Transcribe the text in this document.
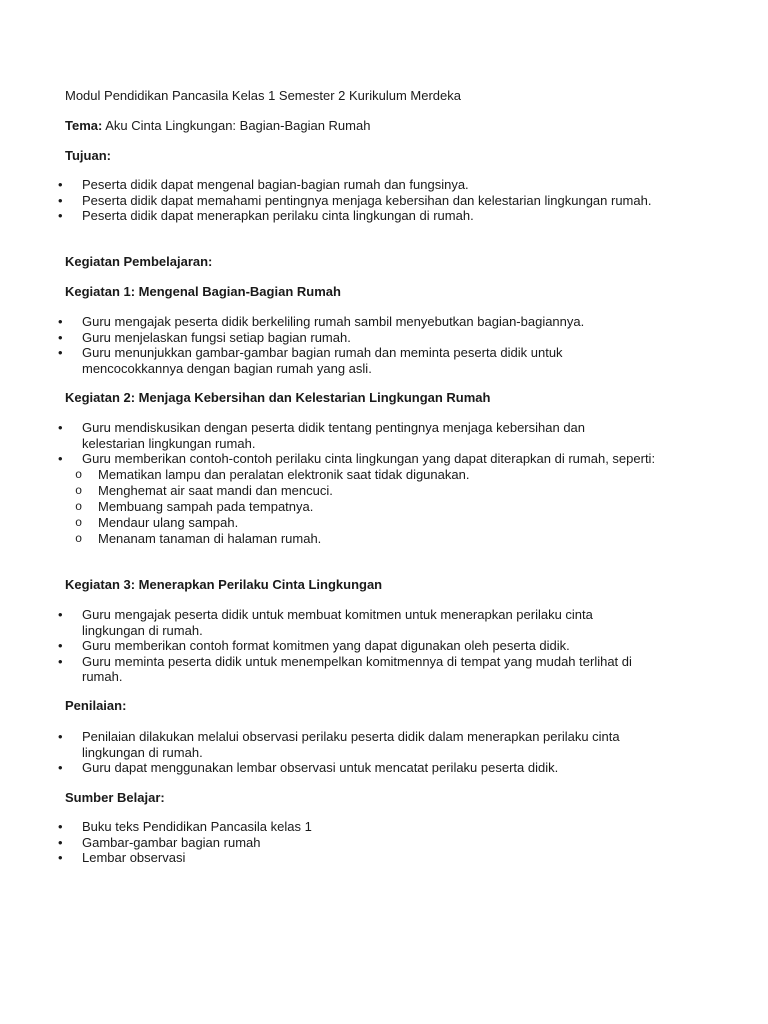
Modul Pendidikan Pancasila Kelas 1 Semester 2 Kurikulum Merdeka

Tema: Aku Cinta Lingkungan: Bagian-Bagian Rumah

Tujuan:

• Peserta didik dapat mengenal bagian-bagian rumah dan fungsinya.
• Peserta didik dapat memahami pentingnya menjaga kebersihan dan kelestarian lingkungan rumah.
• Peserta didik dapat menerapkan perilaku cinta lingkungan di rumah.

Kegiatan Pembelajaran:

Kegiatan 1: Mengenal Bagian-Bagian Rumah

• Guru mengajak peserta didik berkeliling rumah sambil menyebutkan bagian-bagiannya.
• Guru menjelaskan fungsi setiap bagian rumah.
• Guru menunjukkan gambar-gambar bagian rumah dan meminta peserta didik untuk mencocokkannya dengan bagian rumah yang asli.

Kegiatan 2: Menjaga Kebersihan dan Kelestarian Lingkungan Rumah

• Guru mendiskusikan dengan peserta didik tentang pentingnya menjaga kebersihan dan kelestarian lingkungan rumah.
• Guru memberikan contoh-contoh perilaku cinta lingkungan yang dapat diterapkan di rumah, seperti:
o Mematikan lampu dan peralatan elektronik saat tidak digunakan.
o Menghemat air saat mandi dan mencuci.
o Membuang sampah pada tempatnya.
o Mendaur ulang sampah.
o Menanam tanaman di halaman rumah.

Kegiatan 3: Menerapkan Perilaku Cinta Lingkungan

• Guru mengajak peserta didik untuk membuat komitmen untuk menerapkan perilaku cinta lingkungan di rumah.
• Guru memberikan contoh format komitmen yang dapat digunakan oleh peserta didik.
• Guru meminta peserta didik untuk menempelkan komitmennya di tempat yang mudah terlihat di rumah.

Penilaian:

• Penilaian dilakukan melalui observasi perilaku peserta didik dalam menerapkan perilaku cinta lingkungan di rumah.
• Guru dapat menggunakan lembar observasi untuk mencatat perilaku peserta didik.

Sumber Belajar:

• Buku teks Pendidikan Pancasila kelas 1
• Gambar-gambar bagian rumah
• Lembar observasi
